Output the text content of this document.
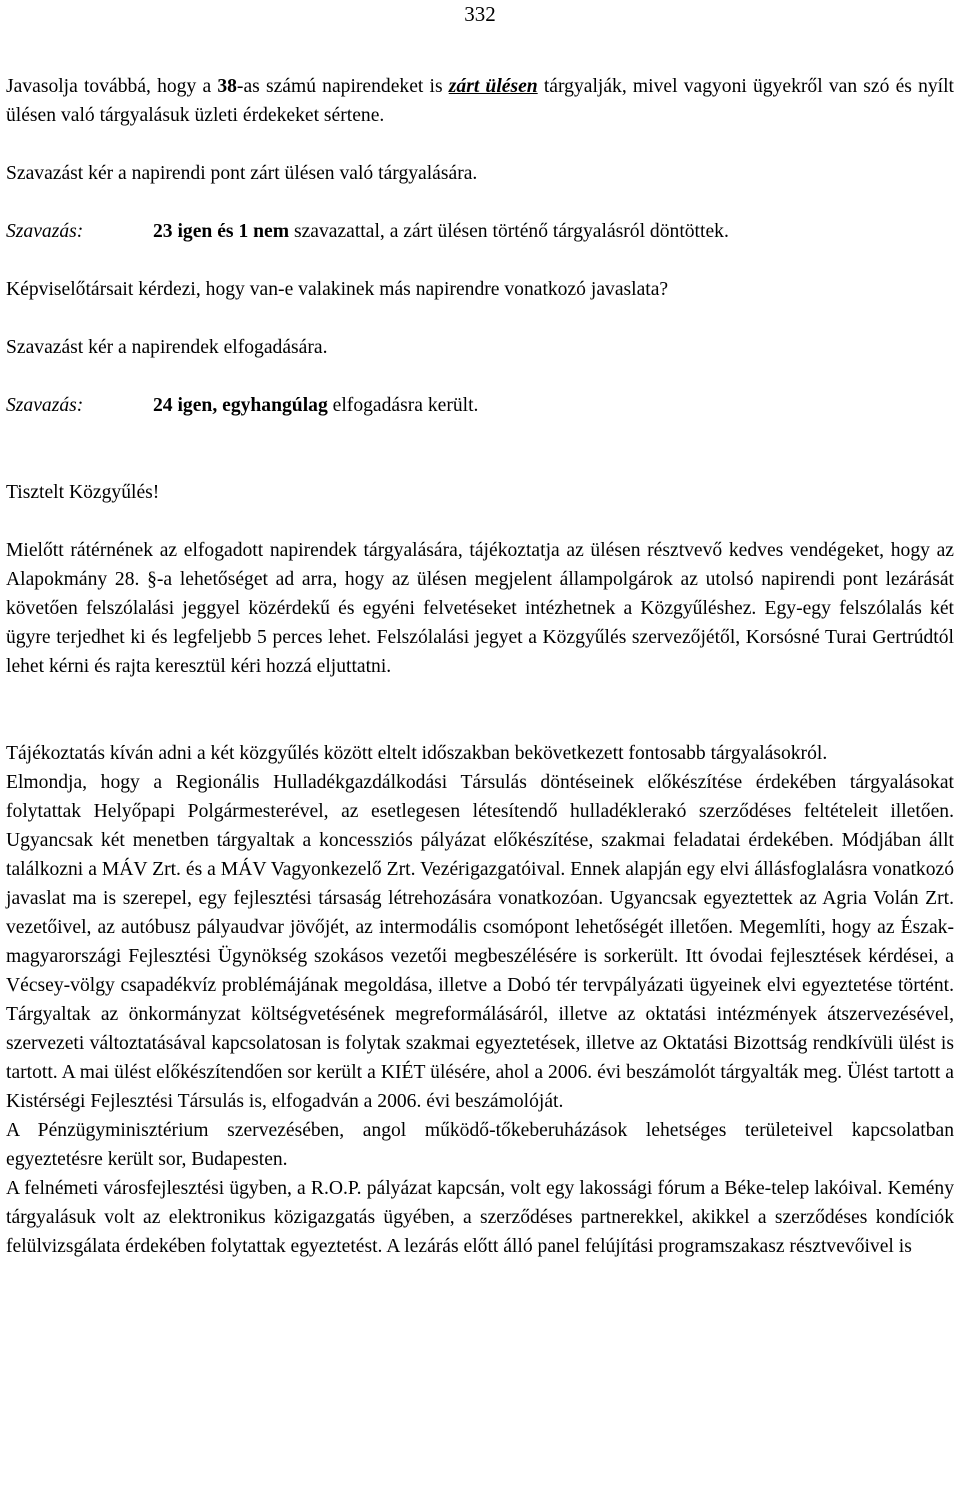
332

Javasolja továbbá, hogy a 38-as számú napirendeket is zárt ülésen tárgyalják, mivel vagyoni ügyekről van szó és nyílt ülésen való tárgyalásuk üzleti érdekeket sértene.

Szavazást kér a napirendi pont zárt ülésen való tárgyalására.

Szavazás:	23 igen és 1 nem szavazattal, a zárt ülésen történő tárgyalásról döntöttek.

Képviselőtársait kérdezi, hogy van-e valakinek más napirendre vonatkozó javaslata?

Szavazást kér a napirendek elfogadására.

Szavazás:	24 igen, egyhangúlag elfogadásra került.

Tisztelt Közgyűlés!

Mielőtt rátérnének az elfogadott napirendek tárgyalására, tájékoztatja az ülésen résztvevő kedves vendégeket, hogy az Alapokmány 28. §-a lehetőséget ad arra, hogy az ülésen megjelent állampolgárok az utolsó napirendi pont lezárását követően felszólalási jeggyel közérdekű és egyéni felvetéseket intézhetnek a Közgyűléshez. Egy-egy felszólalás két ügyre terjedhet ki és legfeljebb 5 perces lehet. Felszólalási jegyet a Közgyűlés szervezőjétől, Korsósné Turai Gertrúdtól lehet kérni és rajta keresztül kéri hozzá eljuttatni.

Tájékoztatás kíván adni a két közgyűlés között eltelt időszakban bekövetkezett fontosabb tárgyalásokról.

Elmondja, hogy a Regionális Hulladékgazdálkodási Társulás döntéseinek előkészítése érdekében tárgyalásokat folytattak Helyőpapi Polgármesterével, az esetlegesen létesítendő hulladéklerakó szerződéses feltételeit illetően. Ugyancsak két menetben tárgyaltak a koncessziós pályázat előkészítése, szakmai feladatai érdekében. Módjában állt találkozni a MÁV Zrt. és a MÁV Vagyonkezelő Zrt. Vezérigazgatóival. Ennek alapján egy elvi állásfoglalásra vonatkozó javaslat ma is szerepel, egy fejlesztési társaság létrehozására vonatkozóan. Ugyancsak egyeztettek az Agria Volán Zrt. vezetőivel, az autóbusz pályaudvar jövőjét, az intermodális csomópont lehetőségét illetően. Megemlíti, hogy az Észak-magyarországi Fejlesztési Ügynökség szokásos vezetői megbeszélésére is sorkerült. Itt óvodai fejlesztések kérdései, a Vécsey-völgy csapadékvíz problémájának megoldása, illetve a Dobó tér tervpályázati ügyeinek elvi egyeztetése történt. Tárgyaltak az önkormányzat költségvetésének megreformálásáról, illetve az oktatási intézmények átszervezésével, szervezeti változtatásával kapcsolatosan is folytak szakmai egyeztetések, illetve az Oktatási Bizottság rendkívüli ülést is tartott. A mai ülést előkészítendően sor került a KIÉT ülésére, ahol a 2006. évi beszámolót tárgyalták meg. Ülést tartott a Kistérségi Fejlesztési Társulás is, elfogadván a 2006. évi beszámolóját.

A Pénzügyminisztérium szervezésében, angol működő-tőkeberuházások lehetséges területeivel kapcsolatban egyeztetésre került sor, Budapesten.

A felnémeti városfejlesztési ügyben, a R.O.P. pályázat kapcsán, volt egy lakossági fórum a Béke-telep lakóival. Kemény tárgyalásuk volt az elektronikus közigazgatás ügyében, a szerződéses partnerekkel, akikkel a szerződéses kondíciók felülvizsgálata érdekében folytattak egyeztetést. A lezárás előtt álló panel felújítási programszakasz résztvevőivel is
